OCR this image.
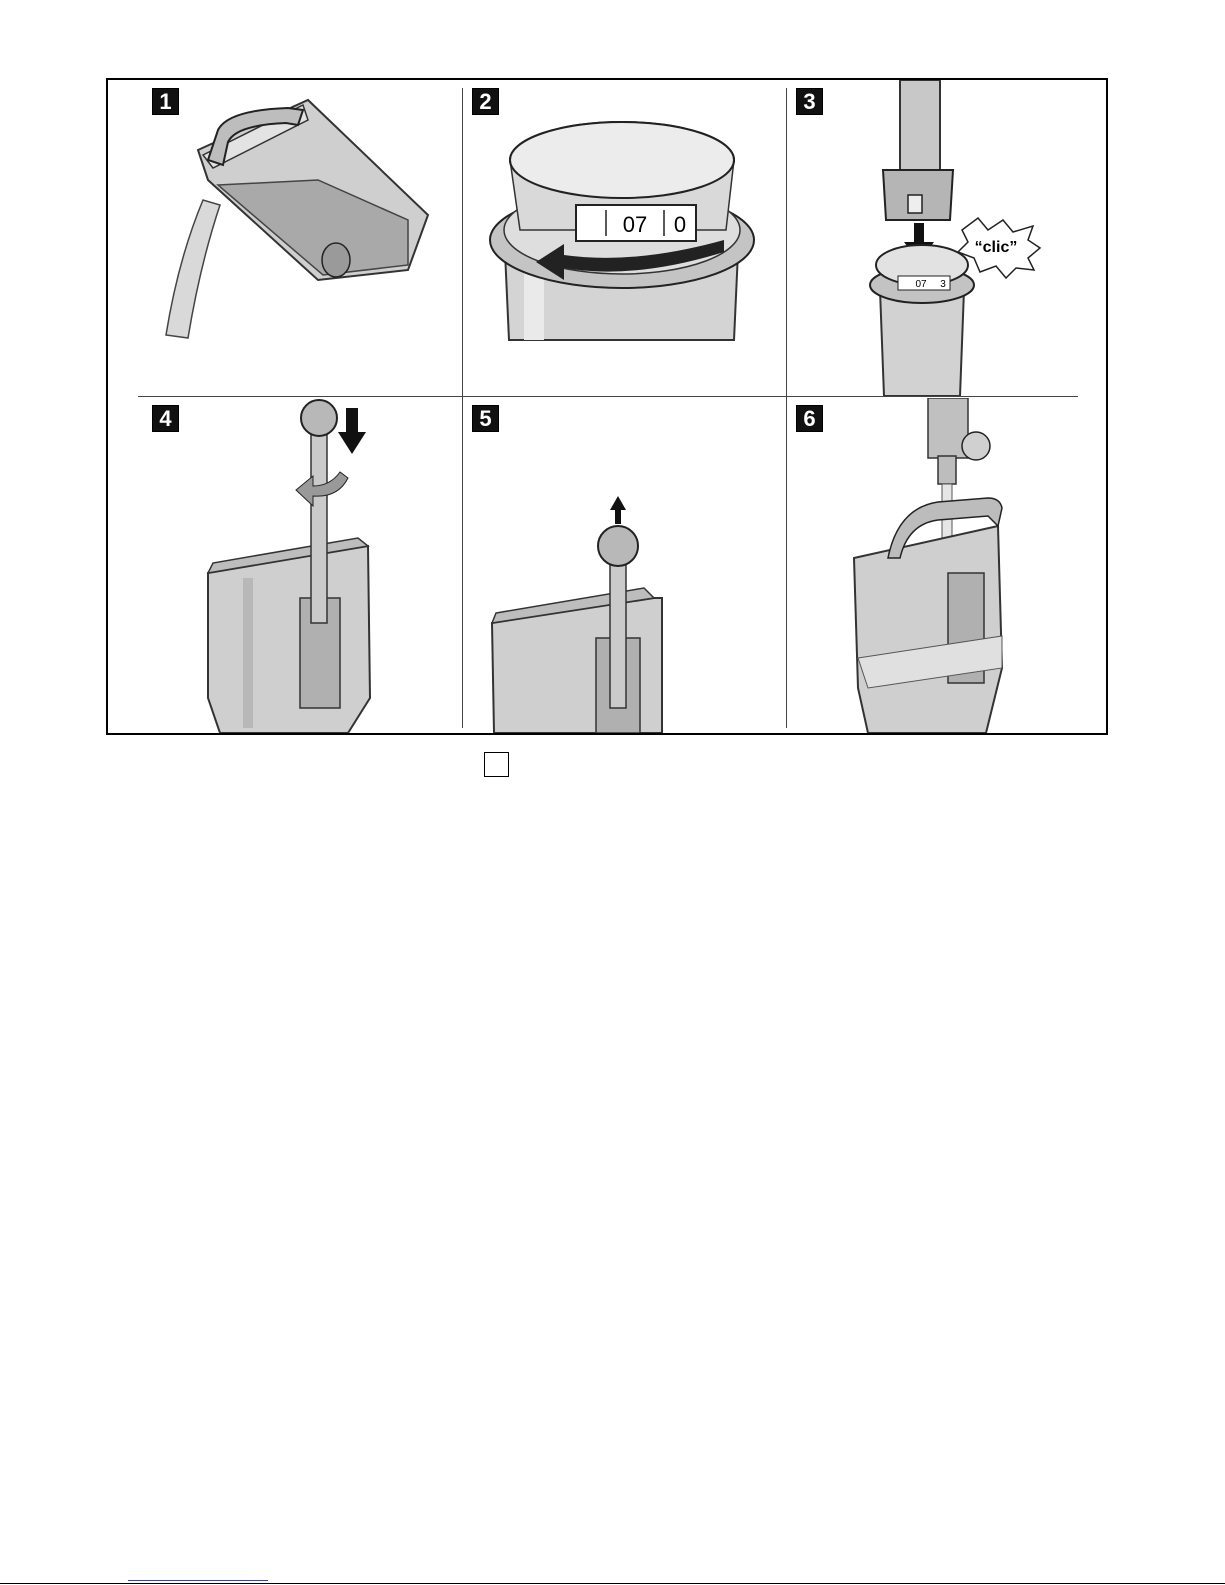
1	2
07 0
3
“clic”
07 3
4	5	6
